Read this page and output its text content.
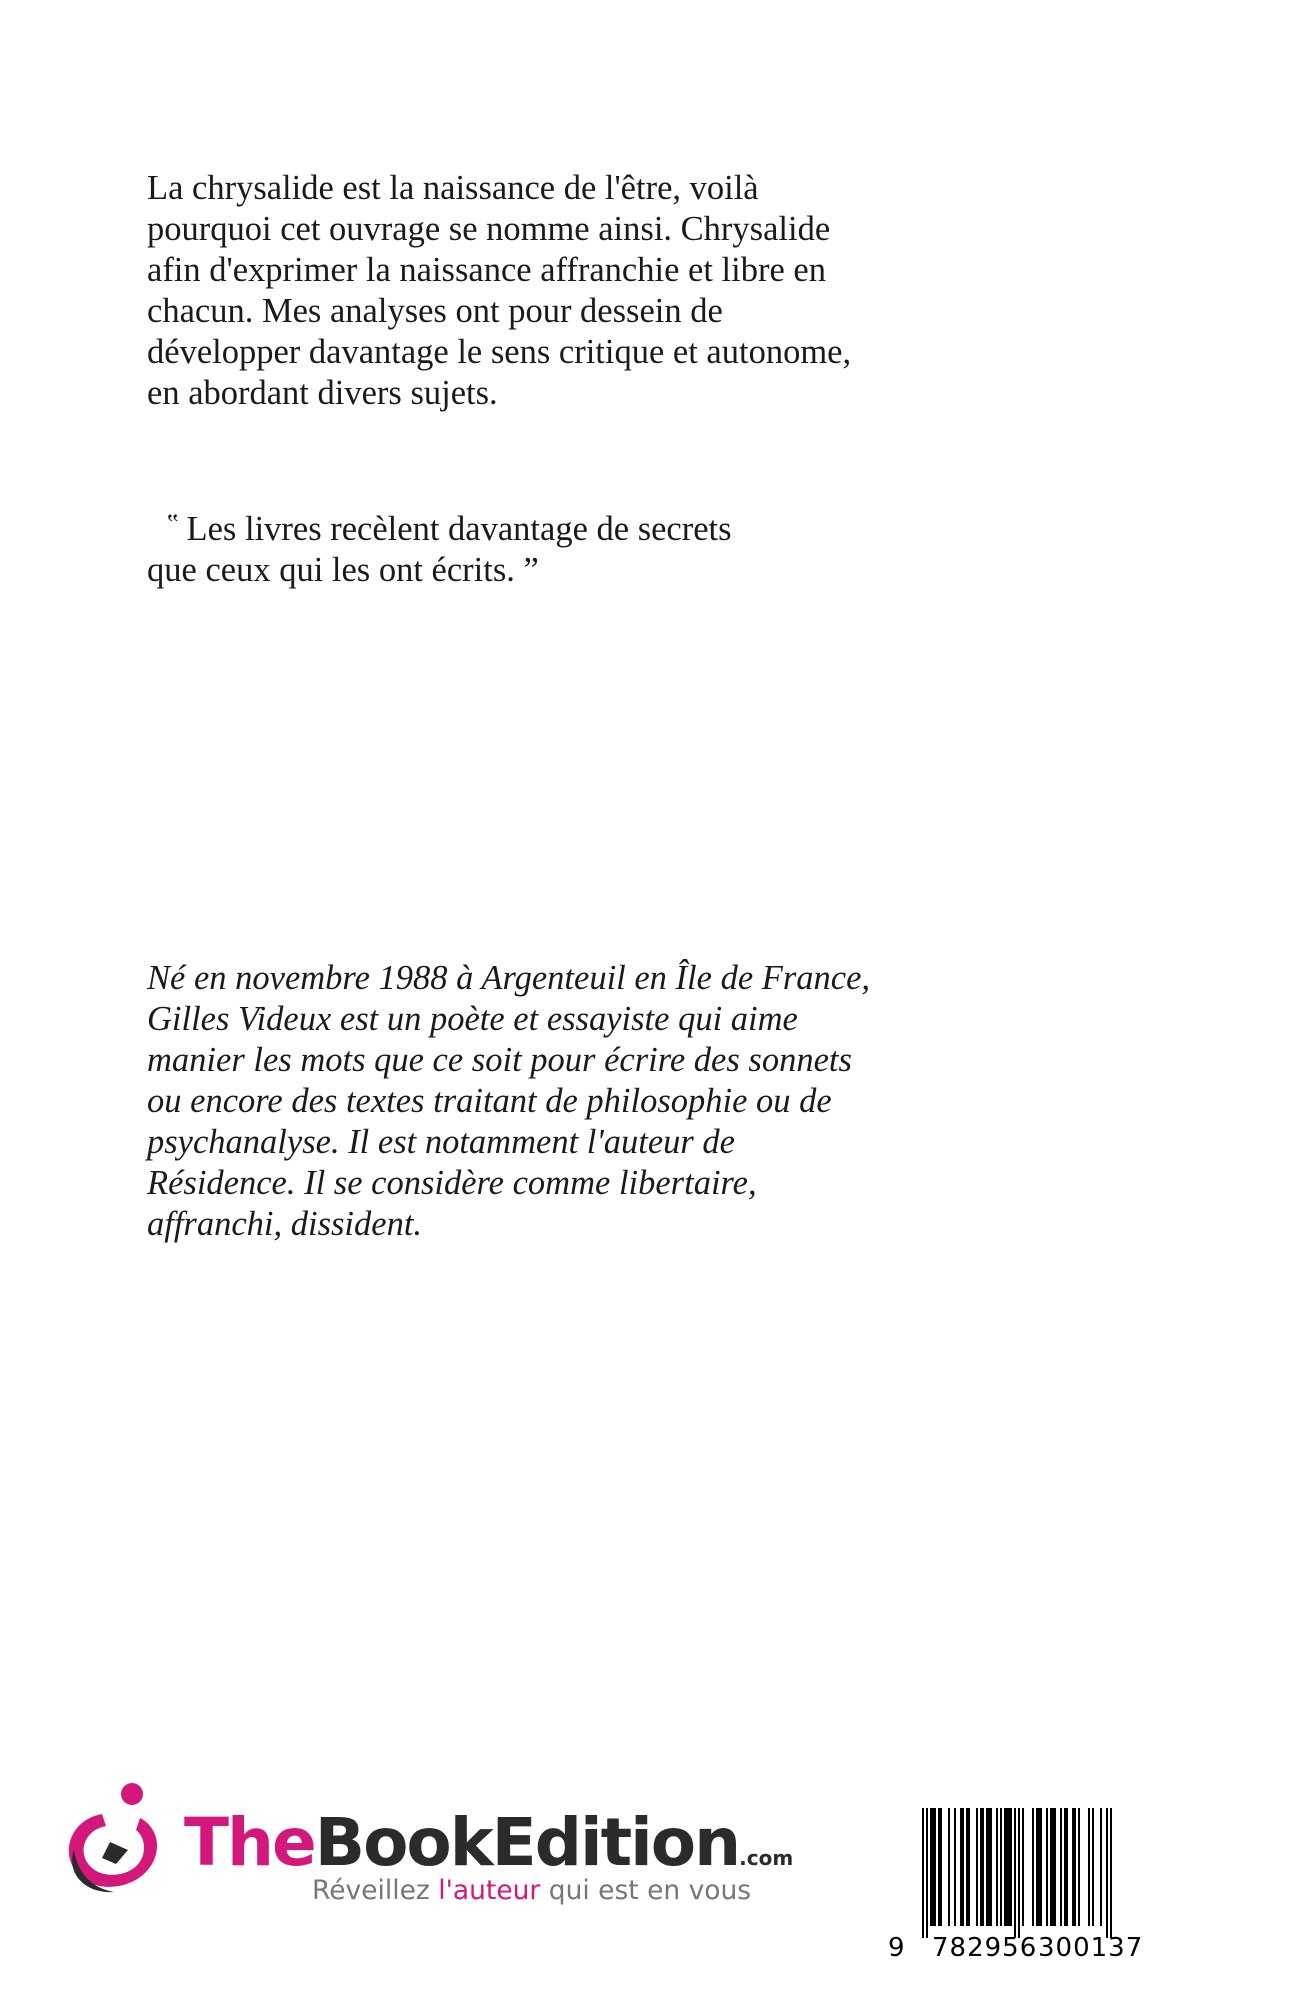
La chrysalide est la naissance de l'être, voilà pourquoi cet ouvrage se nomme ainsi. Chrysalide afin d'exprimer la naissance affranchie et libre en chacun. Mes analyses ont pour dessein de développer davantage le sens critique et autonome, en abordant divers sujets.

‟ Les livres recèlent davantage de secrets
que ceux qui les ont écrits. ”

Né en novembre 1988 à Argenteuil en Île de France, Gilles Videux est un poète et essayiste qui aime manier les mots que ce soit pour écrire des sonnets ou encore des textes traitant de philosophie ou de psychanalyse. Il est notamment l'auteur de Résidence. Il se considère comme libertaire, affranchi, dissident.

TheBookEdition.com
Réveillez l'auteur qui est en vous
9 782956 300137
